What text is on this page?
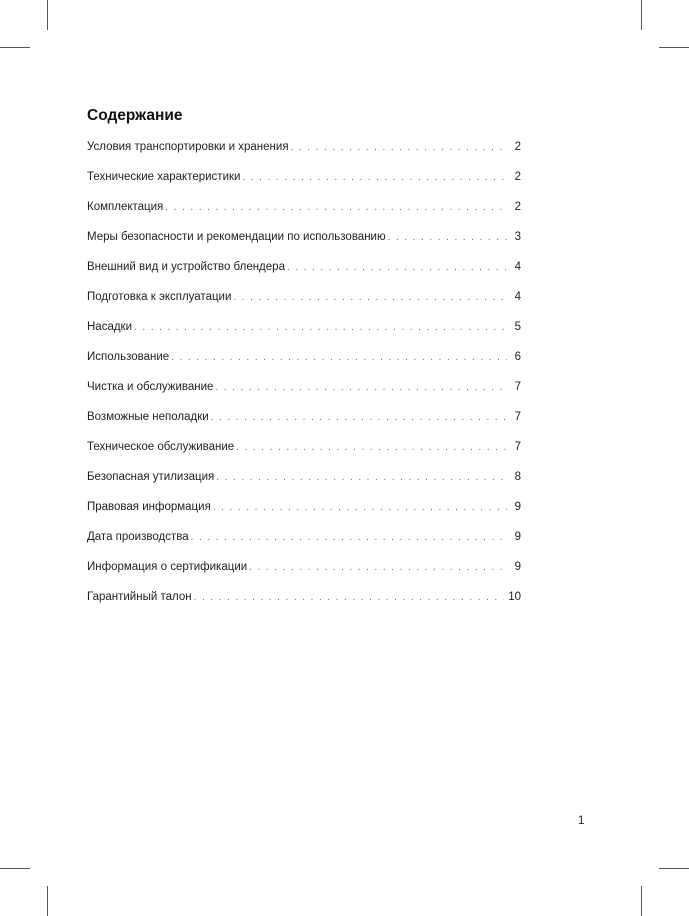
Содержание
Условия транспортировки и хранения . . .	2
Технические характеристики . . .	2
Комплектация . . .	2
Меры безопасности и рекомендации по использованию . . .	3
Внешний вид и устройство блендера . . .	4
Подготовка к эксплуатации . . .	4
Насадки . . .	5
Использование . . .	6
Чистка и обслуживание . . .	7
Возможные неполадки . . .	7
Техническое обслуживание . . .	7
Безопасная утилизация . . .	8
Правовая информация . . .	9
Дата производства . . .	9
Информация о сертификации . . .	9
Гарантийный талон . . .	10
1
